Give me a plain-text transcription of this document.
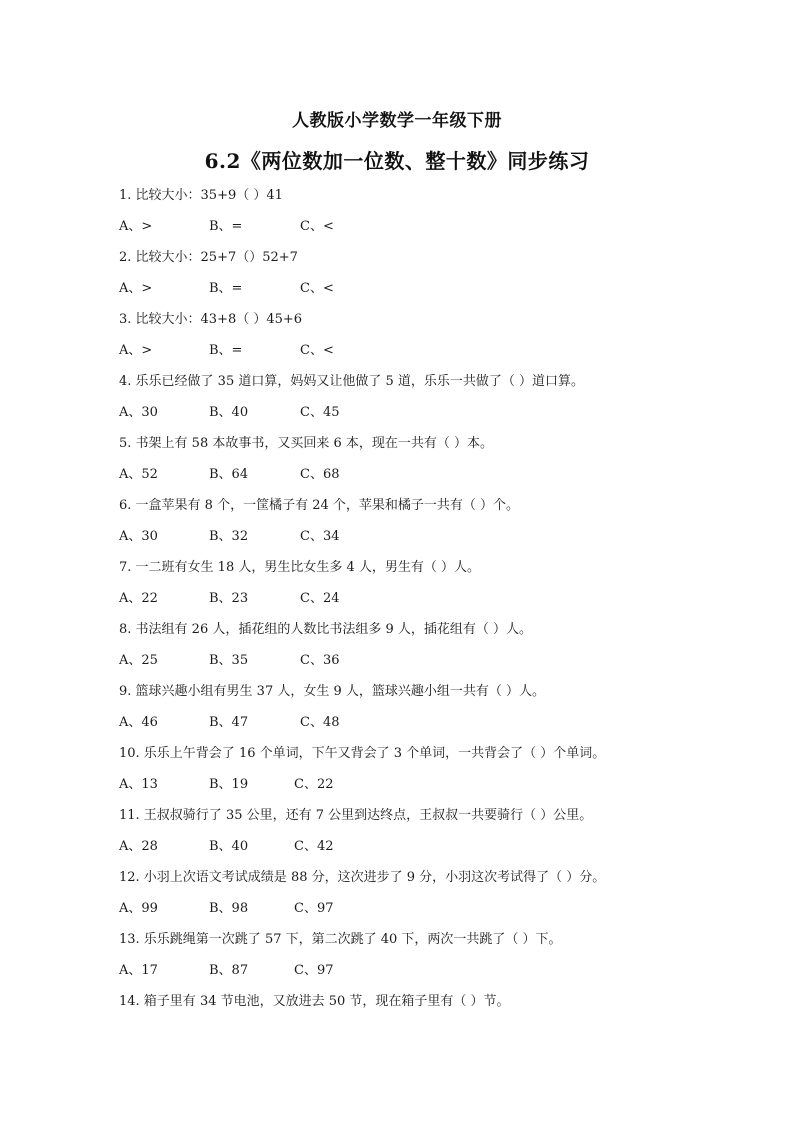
人教版小学数学一年级下册
6.2《两位数加一位数、整十数》同步练习
1. 比较大小：35+9（ ）41
A、>	B、=	C、<
2. 比较大小：25+7（）52+7
A、>	B、=	C、<
3. 比较大小：43+8（ ）45+6
A、>	B、=	C、<
4. 乐乐已经做了 35 道口算，妈妈又让他做了 5 道，乐乐一共做了（ ）道口算。
A、30	B、40	C、45
5. 书架上有 58 本故事书，又买回来 6 本，现在一共有（ ）本。
A、52	B、64	C、68
6. 一盒苹果有 8 个，一筐橘子有 24 个，苹果和橘子一共有（ ）个。
A、30	B、32	C、34
7. 一二班有女生 18 人，男生比女生多 4 人，男生有（ ）人。
A、22	B、23	C、24
8. 书法组有 26 人，插花组的人数比书法组多 9 人，插花组有（ ）人。
A、25	B、35	C、36
9. 篮球兴趣小组有男生 37 人，女生 9 人，篮球兴趣小组一共有（ ）人。
A、46	B、47	C、48
10. 乐乐上午背会了 16 个单词，下午又背会了 3 个单词，一共背会了（ ）个单词。
A、13	B、19	C、22
11. 王叔叔骑行了 35 公里，还有 7 公里到达终点，王叔叔一共要骑行（ ）公里。
A、28	B、40	C、42
12. 小羽上次语文考试成绩是 88 分，这次进步了 9 分，小羽这次考试得了（ ）分。
A、99	B、98	C、97
13. 乐乐跳绳第一次跳了 57 下，第二次跳了 40 下，两次一共跳了（ ）下。
A、17	B、87	C、97
14. 箱子里有 34 节电池，又放进去 50 节，现在箱子里有（ ）节。
